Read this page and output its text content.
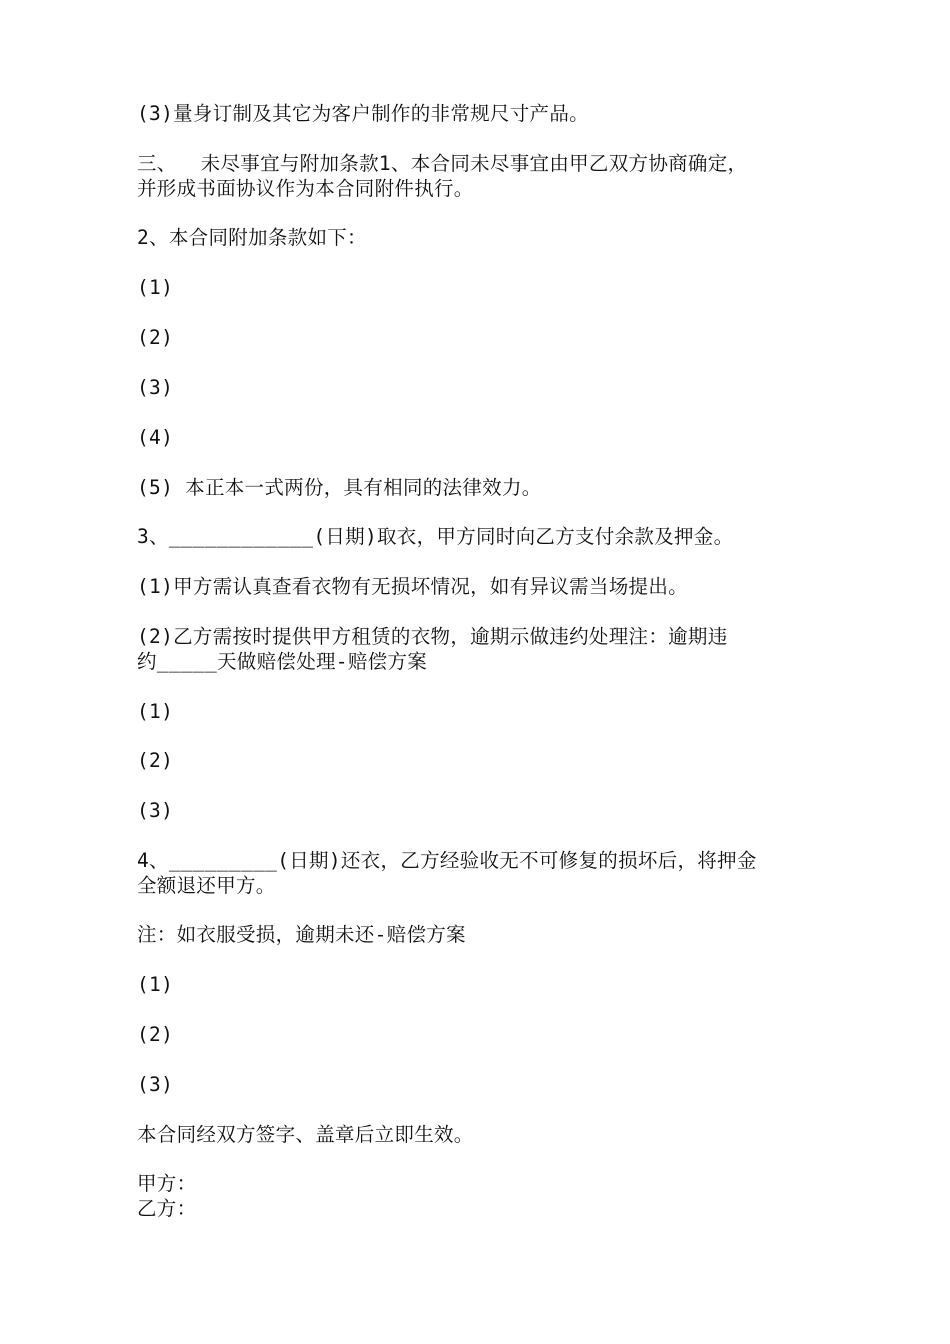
(3)量身订制及其它为客户制作的非常规尺寸产品。
三、  未尽事宜与附加条款1、本合同未尽事宜由甲乙双方协商确定，
并形成书面协议作为本合同附件执行。
2、本合同附加条款如下：
(1)
(2)
(3)
(4)
(5) 本正本一式两份，具有相同的法律效力。
3、____________(日期)取衣，甲方同时向乙方支付余款及押金。
(1)甲方需认真查看衣物有无损坏情况，如有异议需当场提出。
(2)乙方需按时提供甲方租赁的衣物，逾期示做违约处理注：逾期违
约_____天做赔偿处理-赔偿方案
(1)
(2)
(3)
4、_________(日期)还衣，乙方经验收无不可修复的损坏后，将押金
全额退还甲方。
注：如衣服受损，逾期未还-赔偿方案
(1)
(2)
(3)
本合同经双方签字、盖章后立即生效。
甲方：
乙方：
